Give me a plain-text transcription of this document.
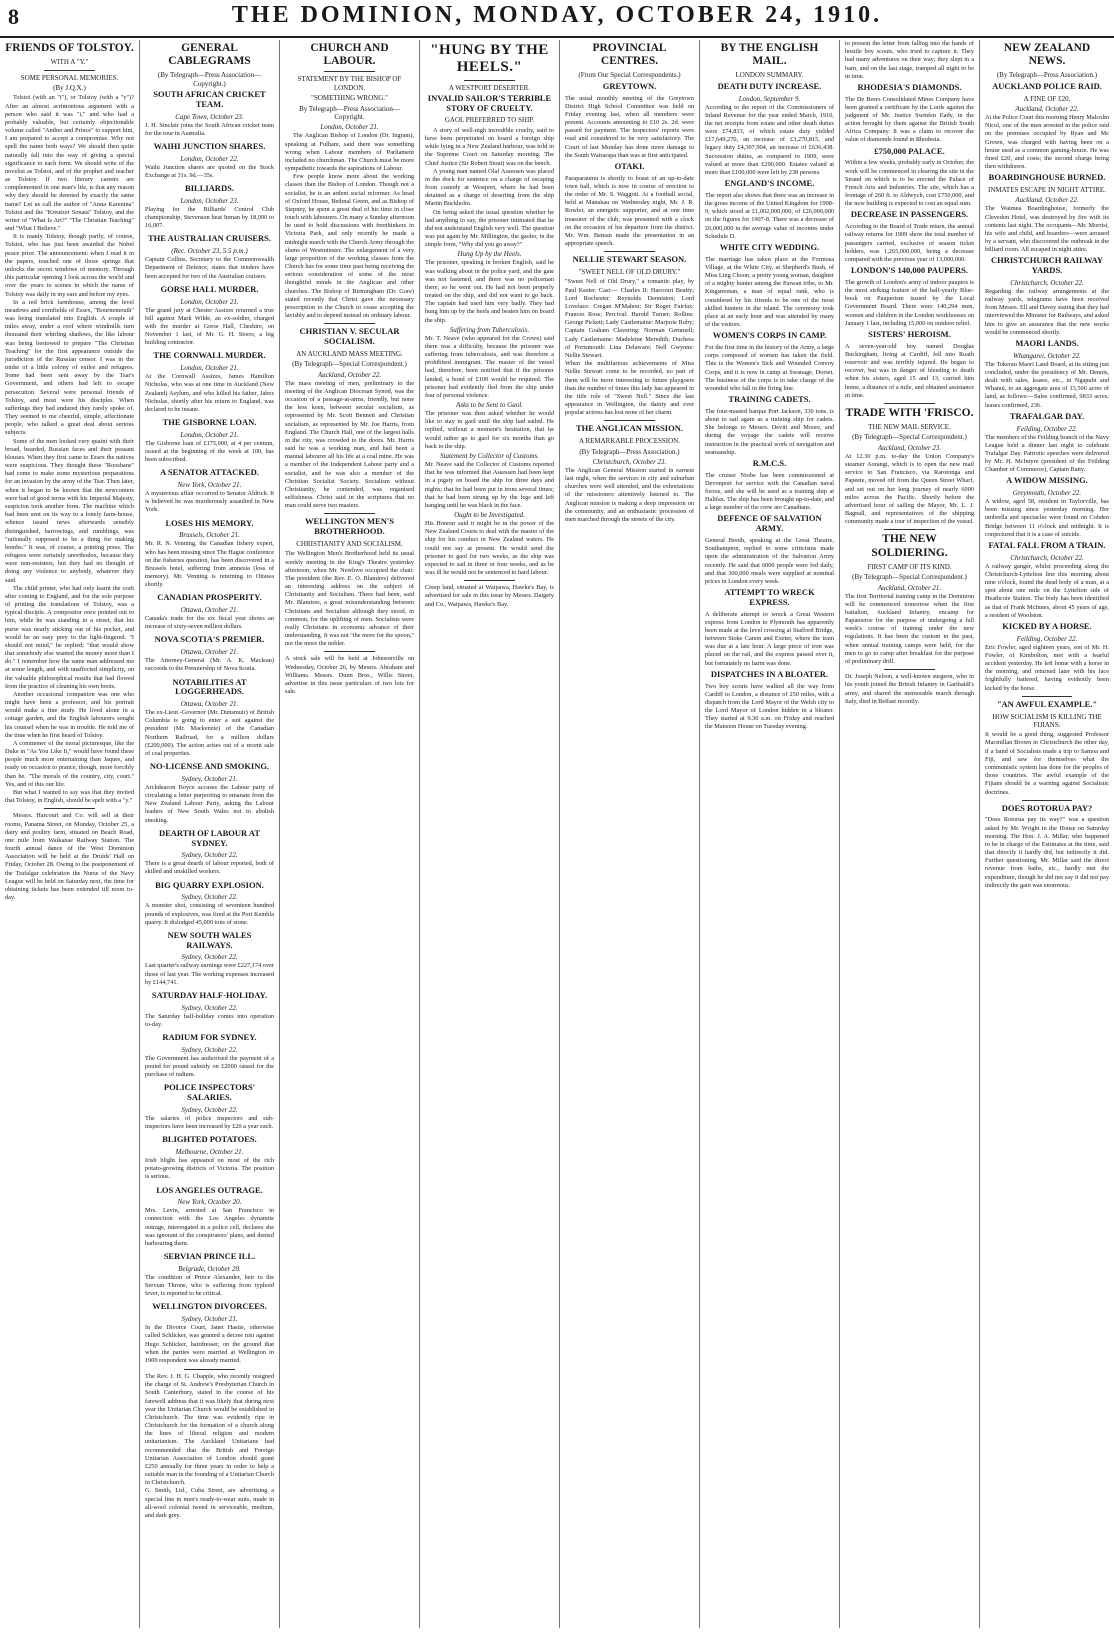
8	THE DOMINION, MONDAY, OCTOBER 24, 1910.
FRIENDS OF TOLSTOY.
WITH A "Y."
SOME PERSONAL MEMORIES.
(By J.Q.X.)

Tolstoi (with an "i"), or Tolstoy (with a "y")? After an almost acrimonious argument with a person who said it was "i," and who had a probably valuable, but certainly objectionable volume called "Anther and Prince" to support him, I am prepared to accept a compromise. Why not spell the name both ways? We should then quite naturally fall into the way of giving a special significance to each form. We should write of the novelist as Tolstoi, and of the prophet and teacher as Tolstoy. If two literary careers are complemented in one man's life, is that any reason why they should be denoted by exactly the same name? Let us call the author of "Anna Karenina" Tolstoi and the "Kreutzer Sonata" Tolstoy, and the writer of "What Is Art?" "The Christian Teaching" and "What I Believe."

It is manly Tolstoy, though partly, of course, Tolstoi, who has just been awarded the Nobel peace prize. The announcement: when I read it in the papers, touched one of those springs that unlocks the secret windows of memory. Through this particular opening I look across the world and over the years to scenes in which the name of Tolstoy was daily in my ears and before my eyes.

In a red brick farmhouse, among the level meadows and cornfields of Essex, "Bournemouth" was being translated into English. A couple of miles away, under a roof where windmills turn thousand their whirling shadows, the like labour was being bestowed to prepare "The Christian Teaching" for the first appearance outside the jurisdiction of the Russian censor. I was in the midst of a little colony of exiles and refugees. Some had been sent away by the Tsar's Government, and others had left to escape persecution. Several were personal friends of Tolstoy, and most were his disciples. When sufferings they had endured they rarely spoke of. They seemed to me cheerful, simple, affectionate people, who talked a great deal about serious subjects.

Some of the men looked very quaint with their broad, bearded, Russian faces and their peasant blouses. When they first came to Essex the natives were suspicious. They thought these "Rooshans" had come to make some mysterious preparations for an invasion by the army of the Tsar. Then later, when it began to be known that the newcomers were bad of good terms with his Imperial Majesty, suspicion took another form. The machine which had been sent on its way to a lonely farm-house, whence issued news afterwards sensibly distinguished, harrowings, and rumblings, was "rationally supposed to be a thing for making bombs." It was, of course, a printing press. The refugees were certainly unorthodox, because they were non-resisters, but they had no thought of doing any violence to anybody, whatever they said.

The child printer, who had only learnt the craft after coming to England, and for the sole purpose of printing the translations of Tolstoy, was a typical disciple. A compositor once pointed out to him, while he was standing in a street, that his purse was nearly sticking out of his pocket, and would be an easy prey to the light-fingered. "I should not mind," he replied; "that would show that somebody else wanted the money more than I do." I remember how the same man addressed me at some length, and with unaffected simplicity, on the valuable philosophical results that had flowed from the practice of cleaning his own boots.

Another occasional companion was one who might have been a professor, and his portrait would make a fine study. He lived alone in a cottage garden, and the English labourers sought his counsel when he was in trouble. He told me of the time when he first heard of Tolstoy.

A commoner of the moral picturesque, like the Duke in "As You Like It," would have found these people much more entertaining than Jaques, and ready on occasion to prance, though, more forcibly than he. "The morals of the country, city, court." Yes, and of this our life.

But what I wanted to say was that they invited that Tolstoy, in English, should be spelt with a "y."

Messrs. Harcourt and Co. will sell at their rooms, Panama Street, on Monday, October 25, a dairy and poultry farm, situated on Beach Road, one mile from Waikanae Railway Station. The fourth annual dance of the West Dominion Association will be held at the Druids' Hall on Friday, October 28. Owing to the postponement of the Trafalgar celebration the Nurse of the Navy League will be held on Saturday next, the time for obtaining tickets has been extended till noon to-day.

GENERAL CABLEGRAMS
(By Telegraph—Press Association—Copyright.)
SOUTH AFRICAN CRICKET TEAM.
Cape Town, October 23.
J. H. Sinclair joins the South African cricket team for the tour in Australia.
WAIHI JUNCTION SHARES.
London, October 22.
Waihi Junction shares are quoted on the Stock Exchange at 31s. 9d.—35s.
BILLIARDS.
London, October 23.
Playing for the Billiards' Control Club championship, Stevenson beat Inman by 18,000 to 16,007.
THE AUSTRALIAN CRUISERS.
(Rec. October 23, 5.5 p.m.)
Captain Collins, Secretary to the Commonwealth Department of Defence, states that tenders have been accepted for two of the Australian cruisers.
GORSE HALL MURDER.
London, October 21.
The grand jury at Chester Assizes returned a true bill against Mark Wilde, an ex-soldier, charged with the murder at Gorse Hall, Cheshire, on November 1 last, of Mr. G. H. Storrs, a big building contractor.
THE CORNWALL MURDER.
London, October 21.
At the Cornwall Assizes, James Hamilton Nicholas, who was at one time in Auckland (New Zealand) Asylum, and who killed his father, Jabez Nicholas, shortly after his return to England, was declared to be insane.
THE GISBORNE LOAN.
London, October 21.
The Gisborne loan of £175,000, at 4 per centum, issued at the beginning of the week at 100, has been subscribed.
A SENATOR ATTACKED.
New York, October 21.
A mysterious affair occurred to Senator Aldrich. It is believed he was murderously assaulted in New York.
LOSES HIS MEMORY.
Brussels, October 21.
Mr. R. N. Venning, the Canadian fishery expert, who has been missing since The Hague conference on the fisheries question, has been discovered in a Brussels hotel, suffering from amnesia (loss of memory). Mr. Venning is returning to Ottawa shortly.
CANADIAN PROSPERITY.
Ottawa, October 21.
Canada's trade for the six fiscal year shows an increase of sixty-seven million dollars.
NOVA SCOTIA'S PREMIER.
Ottawa, October 21.
The Attorney-General (Mr. A. K. Maclean) succeeds to the Premiership of Nova Scotia.
NOTABILITIES AT LOGGERHEADS.
Ottawa, October 21.
The ex-Lieut.-Governor (Mr. Dunsmuir) of British Columbia is going to enter a suit against the president (Mr. Mackenzie) of the Canadian Northern Railroad, for a million dollars (£200,000). The action arises out of a recent sale of coal properties.
NO-LICENSE AND SMOKING.
Sydney, October 21.
Archdeacon Boyce accuses the Labour party of circulating a letter purporting to emanate from the New Zealand Labour Party, asking the Labour leaders of New South Wales not to abolish smoking.
DEARTH OF LABOUR AT SYDNEY.
Sydney, October 22.
There is a great dearth of labour reported, both of skilled and unskilled workers.
BIG QUARRY EXPLOSION.
Sydney, October 22.
A monster shot, consisting of seventeen hundred pounds of explosives, was fired at the Port Kembla quarry. It dislodged 45,000 tons of stone.
NEW SOUTH WALES RAILWAYS.
Sydney, October 22.
Last quarter's railway earnings were £227,174 over those of last year. The working expenses increased by £144,741.
SATURDAY HALF-HOLIDAY.
Sydney, October 22.
The Saturday half-holiday comes into operation to-day.
RADIUM FOR SYDNEY.
Sydney, October 22.
The Government has authorised the payment of a pound for pound subsidy on £2000 raised for the purchase of radium.
POLICE INSPECTORS' SALARIES.
Sydney, October 22.
The salaries of police inspectors and sub-inspectors have been increased by £20 a year each.
BLIGHTED POTATOES.
Melbourne, October 21.
Irish blight has appeared on most of the rich potato-growing districts of Victoria. The position is serious.
LOS ANGELES OUTRAGE.
New York, October 20.
Mrs. Levin, arrested at San Francisco in connection with the Los Angeles dynamite outrage, interrogated in a police cell, declares she was ignorant of the conspirators' plans, and denied harbouring them.
SERVIAN PRINCE ILL.
Belgrade, October 20.
The condition of Prince Alexander, heir to the Servian Throne, who is suffering from typhoid fever, is reported to be critical.
WELLINGTON DIVORCEES.
Sydney, October 21.
In the Divorce Court, Janet Hastie, otherwise called Schlicker, was granted a decree nisi against Hugo Schlicker, hairdresser, on the ground that when the parties were married at Wellington in 1900 respondent was already married.
The Rev. J. H. G. Chapple, who recently resigned the charge of St. Andrew's Presbyterian Church in South Canterbury, stated in the course of his farewell address that it was likely that during next year the Unitarian Church would be established in Christchurch. The time was evidently ripe in Christchurch for the formation of a church along the lines of liberal religion and modern unitarianism. The Auckland Unitarians had recommended that the British and Foreign Unitarian Association of London should grant £250 annually for three years in order to help a suitable man in the founding of a Unitarian Church in Christchurch.
G. Smith, Ltd., Cuba Street, are advertising a special line in men's ready-to-wear suits, made in all-wool colonial tweed in serviceable, medium, and dark grey.
CHURCH AND LABOUR.
STATEMENT BY THE BISHOP OF LONDON.
"SOMETHING WRONG."
By Telegraph—Press Association—Copyright.
London, October 21.

The Anglican Bishop of London (Dr. Ingram), speaking at Fulham, said there was something wrong when Labour members of Parliament included no churchman. The Church must be more sympathetic towards the aspirations of Labour.

Few people know more about the working classes than the Bishop of London. Though not a socialist, he is an ardent social reformer. As head of Oxford House, Bethnal Green, and as Bishop of Stepney, he spent a great deal of his time in close touch with labourers. On many a Sunday afternoon he used to hold discussions with freethinkers in Victoria Park, and only recently he made a midnight march with the Church Army through the slums of Westminster. The enlargement of a very large proportion of the working classes from the Church has for some time past being receiving the serious consideration of some of the most thoughtful minds in the Anglican and other churches. The Bishop of Birmingham (Dr. Gore) stated recently that Christ gave the necessary prescription to the Church to cease accepting the lavishly and to depend instead on ordinary labour.

CHRISTIAN V. SECULAR SOCIALISM.
AN AUCKLAND MASS MEETING.
(By Telegraph—Special Correspondent.)
Auckland, October 22.
The mass meeting of men, preliminary to the meeting of the Anglican Diocesan Synod, was the occasion of a passage-at-arms, friendly, but none the less keen, between secular socialism, as represented by Mr. Scott Bennett and Christian socialism, as represented by Mr. Joe Harris, from England. The Church Hall, one of the largest halls in the city, was crowded to the doors. Mr. Harris said he was a working man, and had been a manual labourer all his life at a coal mine. He was a member of the Independent Labour party and a socialist, and he was also a member of the Christian Socialist Society. Socialism without Christianity, he contended, was organised selfishness. Christ said in the scriptures that no man could serve two masters.
WELLINGTON MEN'S BROTHERHOOD.
CHRISTIANITY AND SOCIALISM.
The Wellington Men's Brotherhood held its usual weekly meeting in the King's Theatre yesterday afternoon, when Mr. Newlove occupied the chair. The president (the Rev. E. O. Blamires) delivered an interesting address on the subject of Christianity and Socialism. There had been, said Mr. Blamires, a great misunderstanding between Christians and Socialists although they stood, in common, for the uplifting of men. Socialists were really Christians in economic advance of their understanding. It was not "the more for the spoon," nor the more the nobler.
A stock sale will be held at Johnsonville on Wednesday, October 26, by Messrs. Abraham and Williams. Messrs. Dunn Bros., Willis Street, advertise in this issue particulars of two lots for sale.
"HUNG BY THE HEELS."
A WESTPORT DESERTER.
INVALID SAILOR'S TERRIBLE STORY OF CRUELTY.
GAOL PREFERRED TO SHIP.

A story of well-nigh incredible cruelty, said to have been perpetrated on board a foreign ship while lying in a New Zealand harbour, was told in the Supreme Court on Saturday morning. The Chief Justice (Sir Robert Stout) was on the bench.

A young man named Olaf Assessen was placed in the dock for sentence on a charge of escaping from custody at Westport, where he had been detained as a charge of deserting from the ship Martin Buckholm.

On being asked the usual question whether he had anything to say, the prisoner intimated that he did not understand English very well. The question was put again by Mr. Millington, the gaoler, in the simple form, "Why did you go away?"

Hung Up by the Heels.
The prisoner, speaking in broken English, said he was walking about in the police yard, and the gate was not fastened, and there was no policeman there, so he went out. He had not been properly treated on the ship, and did not want to go back. The captain had used him very badly. They had hung him up by the heels and beaten him on board the ship.
Suffering from Tuberculosis.
Mr. T. Neave (who appeared for the Crown) said there was a difficulty, because the prisoner was suffering from tuberculosis, and was therefore a prohibited immigrant. The master of the vessel had, therefore, been notified that if the prisoner landed, a bond of £100 would be required. The prisoner had evidently fled from the ship under fear of personal violence.
Asks to be Sent to Gaol.
The prisoner was then asked whether he would like to stay in gaol until the ship had sailed. He replied, without a moment's hesitation, that he would rather go to gaol for six months than go back to the ship.
Statement by Collector of Customs.
Mr. Neave said the Collector of Customs reported that he was informed that Assessen had been kept in a pigsty on board the ship for three days and nights; that he had been put in irons several times; that he had been strung up by the legs and left hanging until he was black in the face.
Ought to be Investigated.
His Honour said it might be in the power of the New Zealand Courts to deal with the master of the ship for his conduct in New Zealand waters. He could not say at present. He would send the prisoner to gaol for two weeks, as the ship was expected to sail in three or four weeks, and as he was ill he would not be sentenced to hard labour.
Creep land, situated at Waipawa, Hawke's Bay, is advertised for sale in this issue by Messrs. Daigety and Co., Waipawa, Hawke's Bay.
PROVINCIAL CENTRES.
(From Our Special Correspondents.)
GREYTOWN.
The usual monthly meeting of the Greytown District High School Committee was held on Friday evening last, when all members were present. Accounts amounting to £10 2s. 2d. were passed for payment. The inspectors' reports were read and considered to be very satisfactory. The Court of last Monday has done more damage to the South Wairarapa than was at first anticipated.
OTAKI.
Paraparaumu is shortly to boast of an up-to-date town hall, which is now in course of erection to the order of Mr. S. Waggott. At a football social, held at Manakau on Wednesday night, Mr. J. R. Rowler, an energetic supporter, and at one time treasurer of the club, was presented with a clock on the occasion of his departure from the district. Mr. Wm. Beman made the presentation in an appropriate speech.
NELLIE STEWART SEASON.
"SWEET NELL OF OLD DRURY."
"Sweet Nell of Old Drury," a romantic play, by Paul Kester. Cast:— Charles II: Harcourt Beatty; Lord Rochester: Reynolds Denniston; Lord Lovelace: Cregan M'Mahon; Sir Roger Fairfax: Frances Ross; Percival: Harold Turner; Rollins: George Pickett; Lady Castlemaine: Marjorie Ruby; Captain Graham Clavering: Norman Gemmell; Lady Castlemaine: Madeleine Meredith; Duchess of Portsmouth: Lina Delaware; Nell Gwynne: Nellie Stewart.
When the multifarious achievements of Miss Nellie Stewart come to be recorded, no part of them will be more interesting to future playgoers than the number of times this lady has appeared in the title role of "Sweet Nell." Since the last appearance in Wellington, the dainty and ever popular actress has lost none of her charm.
THE ANGLICAN MISSION.
A REMARKABLE PROCESSION.
(By Telegraph—Press Association.)
Christchurch, October 23.
The Anglican General Mission started in earnest last night, when the services in city and suburban churches were well attended, and the exhortations of the missioners attentively listened to. The Anglican mission is making a deep impression on the community, and an enthusiastic procession of men marched through the streets of the city.
BY THE ENGLISH MAIL.
LONDON SUMMARY.
DEATH DUTY INCREASE.
London, September 9.
According to the report of the Commissioners of Inland Revenue for the year ended March, 1910, the net receipts from estate and other death duties were £74,833, of which estate duty yielded £17,649,270, an increase of £3,270,815, and legacy duty £4,307,904, an increase of £636,438. Succession duties, as compared to 1909, were valued at more than £290,000. Estates valued at more than £100,000 were left by 238 persons.
ENGLAND'S INCOME.
The report also shows that there was an increase in the gross income of the United Kingdom for 1908-9, which stood at £1,002,000,000, of £26,000,000 on the figures for 1907-8. There was a decrease of £6,000,000 in the average value of incomes under Schedule D.
WHITE CITY WEDDING.
The marriage has taken place at the Formosa Village, at the White City, at Shepherd's Bush, of Miss Ling Choon, a pretty young woman, daughter of a mighty hunter among the Paiwan tribe, to Mr. Kingsmonan, a man of equal rank, who is considered by his friends to be one of the most skilled hunters in the island. The ceremony took place at an early hour and was attended by many of the visitors.
WOMEN'S CORPS IN CAMP.
For the first time in the history of the Army, a large corps composed of women has taken the field. This is the Women's Sick and Wounded Convoy Corps, and it is now in camp at Swanage, Dorset. The business of the corps is to take charge of the wounded who fall in the firing line.
TRAINING CADETS.
The four-masted barque Port Jackson, 330 tons, is about to sail again as a training ship for cadets. She belongs to Messrs. Devitt and Moore, and during the voyage the cadets will receive instruction in the practical work of navigation and seamanship.
R.M.C.S.
The cruiser Niobe has been commissioned at Devonport for service with the Canadian naval forces, and she will be used as a training ship at Halifax. The ship has been brought up-to-date, and a large number of the crew are Canadians.
DEFENCE OF SALVATION ARMY.
General Booth, speaking at the Great Theatre, Southampton, replied to some criticisms made upon the administration of the Salvation Army recently. He said that 6000 people were fed daily, and that 300,000 meals were supplied at nominal prices in London every week.
ATTEMPT TO WRECK EXPRESS.
A deliberate attempt to wreck a Great Western express from London to Plymouth has apparently been made at the level crossing at Stafford Bridge, between Stoke Canon and Exeter, where the train was due at a late hour. A large piece of iron was placed on the rail, and the express passed over it, but fortunately no harm was done.
DISPATCHES IN A BLOATER.
Two boy scouts have walked all the way from Cardiff to London, a distance of 250 miles, with a dispatch from the Lord Mayor of the Welsh city to the Lord Mayor of London hidden in a bloater. They started at 9.30 a.m. on Friday and reached the Mansion House on Tuesday evening.
to present the letter from falling into the hands of hostile boy scouts, who tried to capture it. They had many adventures on their way; they slept in a barn, and on the last stage, tramped all night to be in time.
RHODESIA'S DIAMONDS.
The De Beers Consolidated Mines Company have been granted a certificate by the Lords against the judgment of Mr. Justice Swinfen Eady, in the action brought by them against the British South Africa Company. It was a claim to recover the value of diamonds found in Rhodesia.
£750,000 PALACE.
Within a few weeks, probably early in October, the work will be commenced in clearing the site in the Strand on which is to be erected the Palace of French Arts and Industries. The site, which has a frontage of 260 ft. to Aldwych, cost £750,000, and the new building is expected to cost an equal sum.
DECREASE IN PASSENGERS.
According to the Board of Trade return, the annual railway returns for 1909 show the total number of passengers carried, exclusive of season ticket holders, was 1,265,000,000, being a decrease compared with the previous year of 13,000,000.
LONDON'S 140,000 PAUPERS.
The growth of London's army of indoor paupers is the most striking feature of the half-yearly Blue-book on Pauperism issued by the Local Government Board. There were 140,294 men, women and children in the London workhouses on January 1 last, including 15,000 on outdoor relief.
SISTERS' HEROISM.
A seven-year-old boy named Douglas Buckingham, living at Cardiff, fell into Roath reservoir and was terribly injured. He began to recover, but was in danger of bleeding to death when his sisters, aged 15 and 13, carried him home, a distance of a mile, and obtained assistance in time.
TRADE WITH 'FRISCO.
THE NEW MAIL SERVICE.
(By Telegraph—Special Correspondent.)
Auckland, October 23.
At 12.30 p.m. to-day the Union Company's steamer Aorangi, which is to open the new mail service to San Francisco, via Rarotonga and Papeete, moved off from the Queen Street Wharf, and set out on her long journey of nearly 6000 miles across the Pacific. Shortly before the advertised hour of sailing the Mayor, Mr. L. J. Bagnall, and representatives of the shipping community made a tour of inspection of the vessel.
THE NEW SOLDIERING.
FIRST CAMP OF ITS KIND.
(By Telegraph—Special Correspondent.)
Auckland, October 21.
The first Territorial training camp in the Dominion will be commenced tomorrow when the first battalion, Auckland Infantry, encamp for Papatoetoe for the purpose of undergoing a full week's course of training under the new regulations. It has been the custom in the past, when annual training camps were held, for the men to go to camp after breakfast for the purpose of preliminary drill.
Dr. Joseph Nelson, a well-known surgeon, who in his youth joined the British Infantry in Garibaldi's army, and shared the memorable march through Italy, died in Belfast recently.
NEW ZEALAND NEWS.
(By Telegraph—Press Association.)
AUCKLAND POLICE RAID.
A FINE OF £20.
Auckland, October 22.
At the Police Court this morning Henry Malcolm Nicol, one of the men arrested in the police raid on the premises occupied by Ryan and Mc Grown, was charged with having been on a house used as a common gaming-house. He was fined £20, and costs; the second charge being then withdrawn.
BOARDINGHOUSE BURNED.
INMATES ESCAPE IN NIGHT ATTIRE.
Auckland, October 22.
The Waimea Boardinghouse, formerly the Clevedon Hotel, was destroyed by fire with its contents last night. The occupants—Mr. Morrisi, his wife and child, and boarders—were aroused by a servant, who discovered the outbreak in the billiard room. All escaped in night attire.
CHRISTCHURCH RAILWAY YARDS.
Christchurch, October 22.
Regarding the railway arrangements at the railway yards, telegrams have been received from Messrs. Ell and Davey stating that they had interviewed the Minister for Railways, and asked him to give an assurance that the new works would be commenced shortly.
MAORI LANDS.
Whangarei, October 22.
The Tokerau Maori Land Board, at its sitting just concluded, under the presidency of Mr. Dennis, dealt with sales, leases, etc., in Ngapuhi and Whanui, to an aggregate area of 13,506 acres of land, as follows:—Sales confirmed, 9833 acres; leases confirmed, 236.
TRAFALGAR DAY.
Feilding, October 22.
The members of the Feilding branch of the Navy League held a dinner last night to celebrate Trafalgar Day. Patriotic speeches were delivered by Mr. H. McIntyre (president of the Feilding Chamber of Commerce), Captain Batty.
A WIDOW MISSING.
Greymouth, October 22.
A widow, aged 58, resident in Taylorville, has been missing since yesterday morning. Her umbrella and spectacles were found on Cobden Bridge between 11 o'clock and midnight. It is conjectured that it is a case of suicide.
FATAL FALL FROM A TRAIN.
Christchurch, October 22.
A railway ganger, whilst proceeding along the Christchurch-Lyttelton line this morning about nine o'clock, found the dead body of a man, at a spot about one mile on the Lyttelton side of Heathcote Station. The body has been identified as that of Frank McInnes, about 45 years of age, a resident of Woolston.
KICKED BY A HORSE.
Feilding, October 22.
Eric Fowler, aged eighteen years, son of Mr. H. Fowler, of Kimbolton, met with a fearful accident yesterday. He left home with a horse in the morning, and returned later with his face frightfully battered, having evidently been kicked by the horse.
"AN AWFUL EXAMPLE."
HOW SOCIALISM IS KILLING THE FIJIANS.
It would be a good thing, suggested Professor Macmillan Brown in Christchurch the other day, if a band of Socialists made a trip to Samoa and Fiji, and saw for themselves what the communistic system has done for the peoples of those countries. The awful example of the Fijians should be a warning against Socialistic doctrines.
DOES ROTORUA PAY?
"Does Rotorua pay its way?" was a question asked by Mr. Wright in the House on Saturday morning. The Hon. J. A. Millar, who happened to be in charge of the Estimates at the time, said that directly it hardly did, but indirectly it did. Further questioning, Mr. Millar said the direct revenue from baths, etc., hardly met the expenditure, though he did not say it did not pay indirectly the gain was enormous.
